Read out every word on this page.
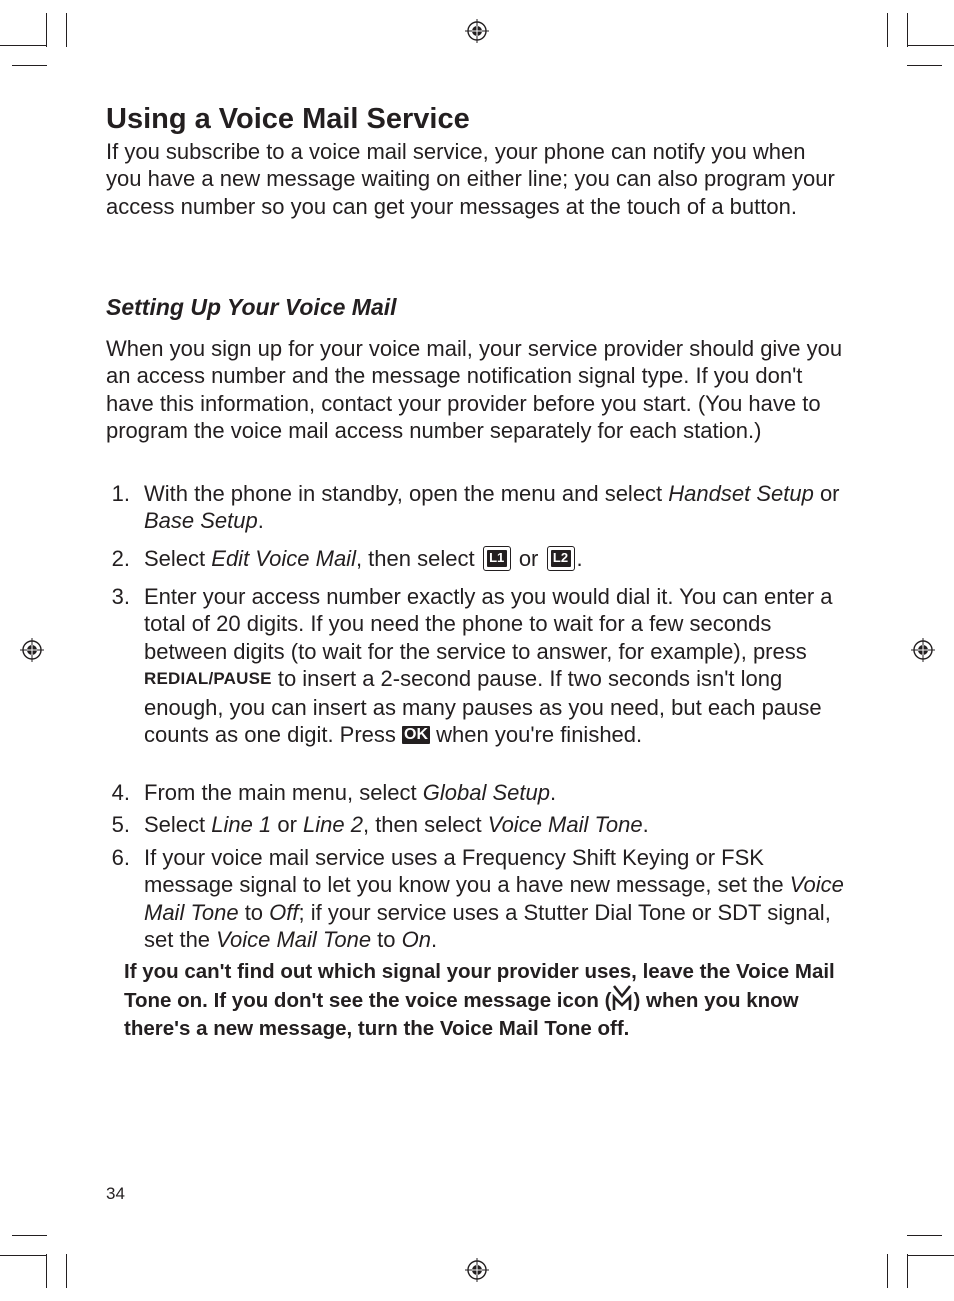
Using a Voice Mail Service
If you subscribe to a voice mail service, your phone can notify you when you have a new message waiting on either line; you can also program your access number so you can get your messages at the touch of a button.
Setting Up Your Voice Mail
When you sign up for your voice mail, your service provider should give you an access number and the message notification signal type. If you don't have this information, contact your provider before you start. (You have to program the voice mail access number separately for each station.)
1. With the phone in standby, open the menu and select Handset Setup or Base Setup.
2. Select Edit Voice Mail, then select L1 or L2 .
3. Enter your access number exactly as you would dial it. You can enter a total of 20 digits. If you need the phone to wait for a few seconds between digits (to wait for the service to answer, for example), press REDIAL/PAUSE to insert a 2-second pause. If two seconds isn't long enough, you can insert as many pauses as you need, but each pause counts as one digit. Press OK when you're finished.
4. From the main menu, select Global Setup.
5. Select Line 1 or Line 2, then select Voice Mail Tone.
6. If your voice mail service uses a Frequency Shift Keying or FSK message signal to let you know you a have new message, set the Voice Mail Tone to Off; if your service uses a Stutter Dial Tone or SDT signal, set the Voice Mail Tone to On.
If you can't find out which signal your provider uses, leave the Voice Mail Tone on. If you don't see the voice message icon ( ) when you know there's a new message, turn the Voice Mail Tone off.
34
